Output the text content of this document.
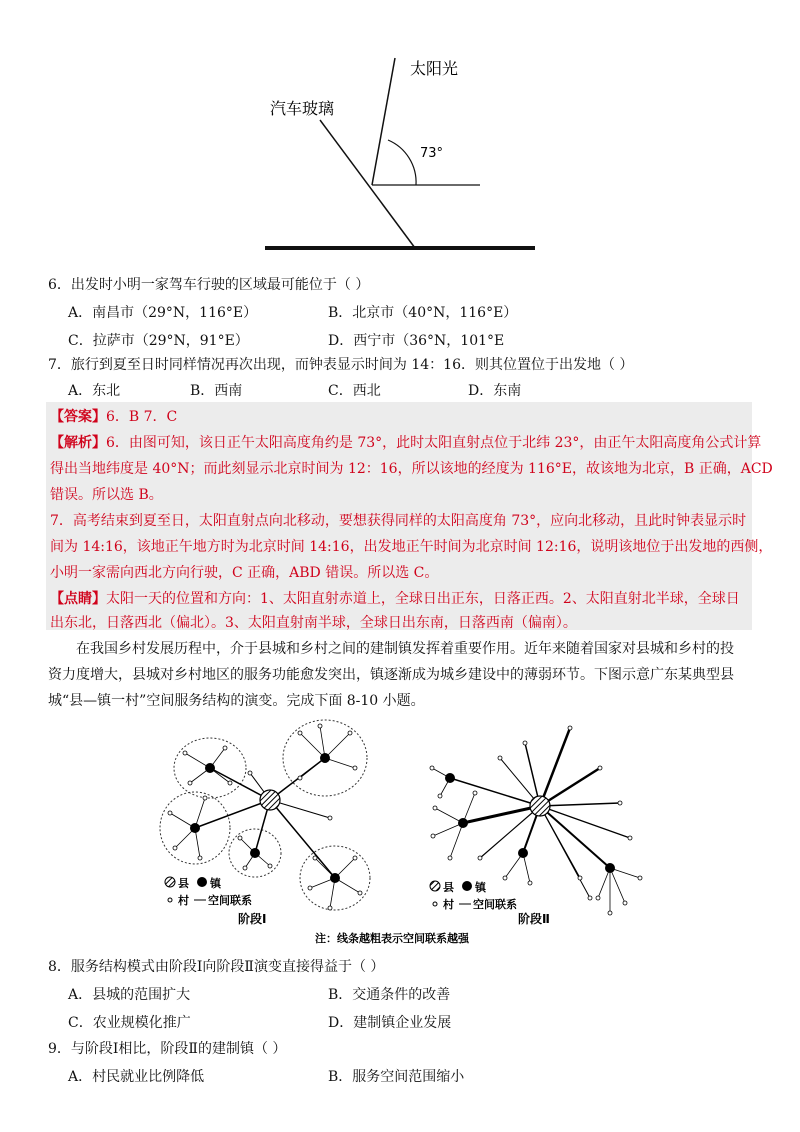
太阳光
汽车玻璃
73°
6．出发时小明一家驾车行驶的区域最可能位于（ ）
A．南昌市（29°N，116°E）	B．北京市（40°N，116°E）
C．拉萨市（29°N，91°E）	D．西宁市（36°N，101°E
7．旅行到夏至日时同样情况再次出现，而钟表显示时间为 14：16．则其位置位于出发地（ ）
A．东北	B．西南	C．西北	D．东南

【答案】6．B 7．C

【解析】6．由图可知，该日正午太阳高度角约是 73°，此时太阳直射点位于北纬 23°，由正午太阳高度角公式计算

得出当地纬度是 40°N；而此刻显示北京时间为 12：16，所以该地的经度为 116°E，故该地为北京，B 正确，ACD

错误。所以选 B。

7．高考结束到夏至日，太阳直射点向北移动，要想获得同样的太阳高度角 73°，应向北移动，且此时钟表显示时

间为 14:16，该地正午地方时为北京时间 14:16，出发地正午时间为北京时间 12:16，说明该地位于出发地的西侧，

小明一家需向西北方向行驶，C 正确，ABD 错误。所以选 C。

【点睛】太阳一天的位置和方向：1、太阳直射赤道上，全球日出正东，日落正西。2、太阳直射北半球，全球日

出东北，日落西北（偏北）。3、太阳直射南半球，全球日出东南，日落西南（偏南）。

在我国乡村发展历程中，介于县城和乡村之间的建制镇发挥着重要作用。近年来随着国家对县城和乡村的投
资力度增大，县城对乡村地区的服务功能愈发突出，镇逐渐成为城乡建设中的薄弱环节。下图示意广东某典型县
城“县—镇一村”空间服务结构的演变。完成下面 8-10 小题。
县 镇
村 空间联系
县 镇
村 空间联系
阶段Ⅰ	阶段Ⅱ
注：线条越粗表示空间联系越强
8．服务结构模式由阶段Ⅰ向阶段Ⅱ演变直接得益于（ ）
A．县城的范围扩大	B．交通条件的改善
C．农业规模化推广	D．建制镇企业发展
9．与阶段Ⅰ相比，阶段Ⅱ的建制镇（ ）
A．村民就业比例降低	B．服务空间范围缩小
